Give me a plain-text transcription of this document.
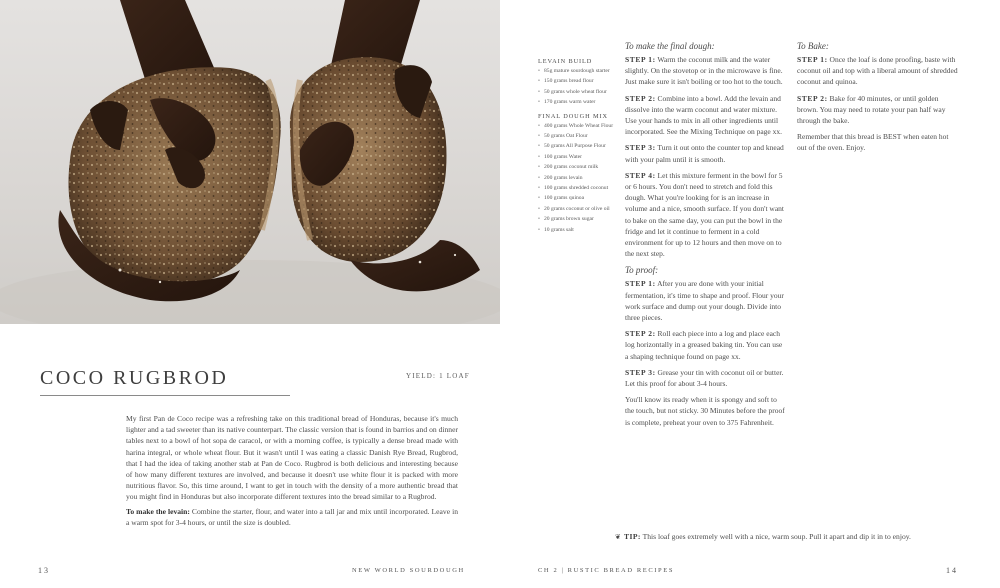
COCO RUGBROD	YIELD: 1 LOAF

My first Pan de Coco recipe was a refreshing take on this traditional bread of Honduras, because it's much lighter and a tad sweeter than its native counterpart. The classic version that is found in barrios and on dinner tables next to a bowl of hot sopa de caracol, or with a morning coffee, is typically a dense bread made with harina integral, or whole wheat flour. But it wasn't until I was eating a classic Danish Rye Bread, Rugbrod, that I had the idea of taking another stab at Pan de Coco. Rugbrod is both delicious and interesting because of how many different textures are involved, and because it doesn't use white flour it is packed with more nutritious flavor. So, this time around, I want to get in touch with the density of a more authentic bread that you might find in Honduras but also incorporate different textures into the bread similar to a Rugbrod.

To make the levain: Combine the starter, flour, and water into a tall jar and mix until incorporated. Leave in a warm spot for 3-4 hours, or until the size is doubled.

13	NEW WORLD SOURDOUGH
LEVAIN BUILD
• 85g mature sourdough starter
• 150 grams bread flour
• 50 grams whole wheat flour
• 170 grams warm water
FINAL DOUGH MIX
• 400 grams Whole Wheat Flour
• 50 grams Oat Flour
• 50 grams All Purpose Flour
• 100 grams Water
• 200 grams coconut milk
• 200 grams levain
• 100 grams shredded coconut
• 100 grams quinoa
• 20 grams coconut or olive oil
• 20 grams brown sugar
• 10 grams salt
To make the final dough:
STEP 1: Warm the coconut milk and the water slightly. On the stovetop or in the microwave is fine. Just make sure it isn't boiling or too hot to the touch.
STEP 2: Combine into a bowl. Add the levain and dissolve into the warm coconut and water mixture. Use your hands to mix in all other ingredients until incorporated. See the Mixing Technique on page xx.
STEP 3: Turn it out onto the counter top and knead with your palm until it is smooth.
STEP 4: Let this mixture ferment in the bowl for 5 or 6 hours. You don't need to stretch and fold this dough. What you're looking for is an increase in volume and a nice, smooth surface. If you don't want to bake on the same day, you can put the bowl in the fridge and let it continue to ferment in a cold environment for up to 12 hours and then move on to the next step.
To proof:
STEP 1: After you are done with your initial fermentation, it's time to shape and proof. Flour your work surface and dump out your dough. Divide into three pieces.
STEP 2: Roll each piece into a log and place each log horizontally in a greased baking tin. You can use a shaping technique found on page xx.
STEP 3: Grease your tin with coconut oil or butter. Let this proof for about 3-4 hours.
You'll know its ready when it is spongy and soft to the touch, but not sticky. 30 Minutes before the proof is complete, preheat your oven to 375 Fahrenheit.
To Bake:
STEP 1: Once the loaf is done proofing, baste with coconut oil and top with a liberal amount of shredded coconut and quinoa.
STEP 2: Bake for 40 minutes, or until golden brown. You may need to rotate your pan half way through the bake.
Remember that this bread is BEST when eaten hot out of the oven. Enjoy.
❦ TIP: This loaf goes extremely well with a nice, warm soup. Pull it apart and dip it in to enjoy.
CH 2 | RUSTIC BREAD RECIPES	14
